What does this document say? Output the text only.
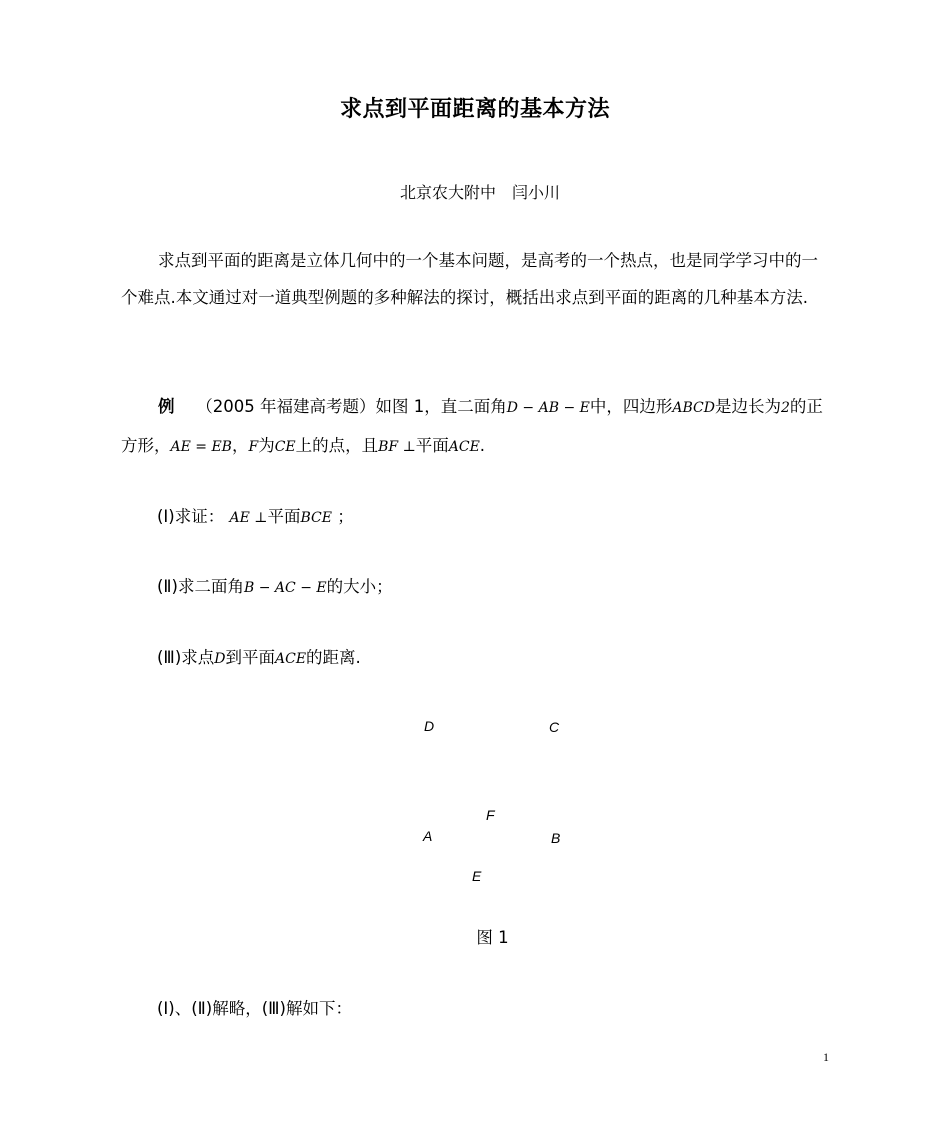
求点到平面距离的基本方法
北京农大附中　闫小川
求点到平面的距离是立体几何中的一个基本问题，是高考的一个热点，也是同学学习中的一个难点.本文通过对一道典型例题的多种解法的探讨，概括出求点到平面的距离的几种基本方法.
例　 （2005 年福建高考题）如图 1，直二面角D − AB − E中，四边形ABCD是边长为2的正方形，AE = EB，F为CE上的点，且BF ⊥平面ACE.
(Ⅰ)求证： AE ⊥平面BCE ；
(Ⅱ)求二面角B − AC − E的大小；
(Ⅲ)求点D到平面ACE的距离.
D	C
F
A	B
E
图 1
(Ⅰ)、(Ⅱ)解略，(Ⅲ)解如下：
1
